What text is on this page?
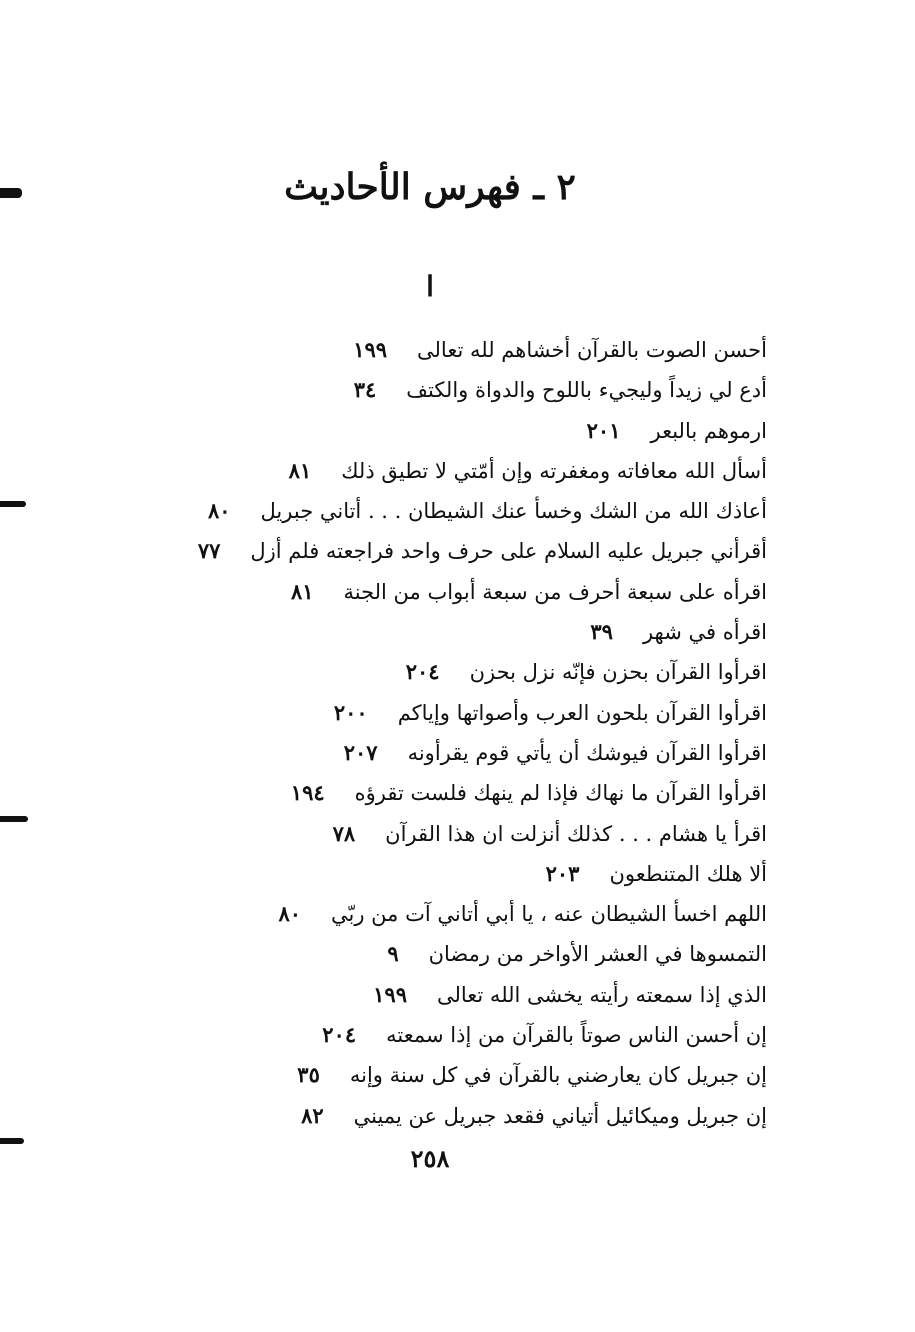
٢ ـ فهرس الأحاديث
ا
أحسن الصوت بالقرآن أخشاهم لله تعالى١٩٩
أدع لي زيداً وليجيء باللوح والدواة والكتف٣٤
ارموهم بالبعر٢٠١
أسأل الله معافاته ومغفرته وإن أمّتي لا تطيق ذلك٨١
أعاذك الله من الشك وخسأ عنك الشيطان . . . أتاني جبريل٨٠
أقرأني جبريل عليه السلام على حرف واحد فراجعته فلم أزل٧٧
اقرأه على سبعة أحرف من سبعة أبواب من الجنة٨١
اقرأه في شهر٣٩
اقرأوا القرآن بحزن فإنّه نزل بحزن٢٠٤
اقرأوا القرآن بلحون العرب وأصواتها وإياكم٢٠٠
اقرأوا القرآن فيوشك أن يأتي قوم يقرأونه٢٠٧
اقرأوا القرآن ما نهاك فإذا لم ينهك فلست تقرؤه١٩٤
اقرأ يا هشام . . . كذلك أنزلت ان هذا القرآن٧٨
ألا هلك المتنطعون٢٠٣
اللهم اخسأ الشيطان عنه ، يا أبي أتاني آت من ربّي٨٠
التمسوها في العشر الأواخر من رمضان٩
الذي إذا سمعته رأيته يخشى الله تعالى١٩٩
إن أحسن الناس صوتاً بالقرآن من إذا سمعته٢٠٤
إن جبريل كان يعارضني بالقرآن في كل سنة وإنه٣٥
إن جبريل وميكائيل أتياني فقعد جبريل عن يميني٨٢
٢٥٨
